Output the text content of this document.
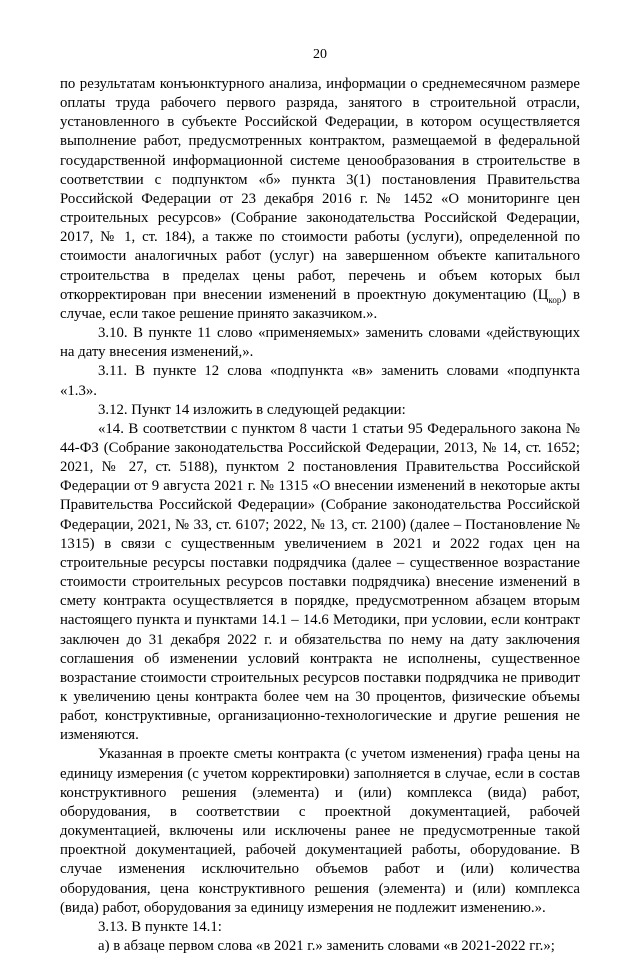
20

по результатам конъюнктурного анализа, информации о среднемесячном размере оплаты труда рабочего первого разряда, занятого в строительной отрасли, установленного в субъекте Российской Федерации, в котором осуществляется выполнение работ, предусмотренных контрактом, размещаемой в федеральной государственной информационной системе ценообразования в строительстве в соответствии с подпунктом «б» пункта 3(1) постановления Правительства Российской Федерации от 23 декабря 2016 г. № 1452 «О мониторинге цен строительных ресурсов» (Собрание законодательства Российской Федерации, 2017, № 1, ст. 184), а также по стоимости работы (услуги), определенной по стоимости аналогичных работ (услуг) на завершенном объекте капитального строительства в пределах цены работ, перечень и объем которых был откорректирован при внесении изменений в проектную документацию $(Ц_{кор})$ в случае, если такое решение принято заказчиком.».

3.10. В пункте 11 слово «применяемых» заменить словами «действующих на дату внесения изменений,».

3.11. В пункте 12 слова «подпункта «в» заменить словами «подпункта «1.3».

3.12. Пункт 14 изложить в следующей редакции:

«14. В соответствии с пунктом 8 части 1 статьи 95 Федерального закона № 44-ФЗ (Собрание законодательства Российской Федерации, 2013, № 14, ст. 1652; 2021, № 27, ст. 5188), пунктом 2 постановления Правительства Российской Федерации от 9 августа 2021 г. № 1315 «О внесении изменений в некоторые акты Правительства Российской Федерации» (Собрание законодательства Российской Федерации, 2021, № 33, ст. 6107; 2022, № 13, ст. 2100) (далее – Постановление № 1315) в связи с существенным увеличением в 2021 и 2022 годах цен на строительные ресурсы поставки подрядчика (далее – существенное возрастание стоимости строительных ресурсов поставки подрядчика) внесение изменений в смету контракта осуществляется в порядке, предусмотренном абзацем вторым настоящего пункта и пунктами 14.1 – 14.6 Методики, при условии, если контракт заключен до 31 декабря 2022 г. и обязательства по нему на дату заключения соглашения об изменении условий контракта не исполнены, существенное возрастание стоимости строительных ресурсов поставки подрядчика не приводит к увеличению цены контракта более чем на 30 процентов, физические объемы работ, конструктивные, организационно-технологические и другие решения не изменяются.

Указанная в проекте сметы контракта (с учетом изменения) графа цены на единицу измерения (с учетом корректировки) заполняется в случае, если в состав конструктивного решения (элемента) и (или) комплекса (вида) работ, оборудования, в соответствии с проектной документацией, рабочей документацией, включены или исключены ранее не предусмотренные такой проектной документацией, рабочей документацией работы, оборудование. В случае изменения исключительно объемов работ и (или) количества оборудования, цена конструктивного решения (элемента) и (или) комплекса (вида) работ, оборудования за единицу измерения не подлежит изменению.».

3.13. В пункте 14.1:

а) в абзаце первом слова «в 2021 г.» заменить словами «в 2021-2022 гг.»;
